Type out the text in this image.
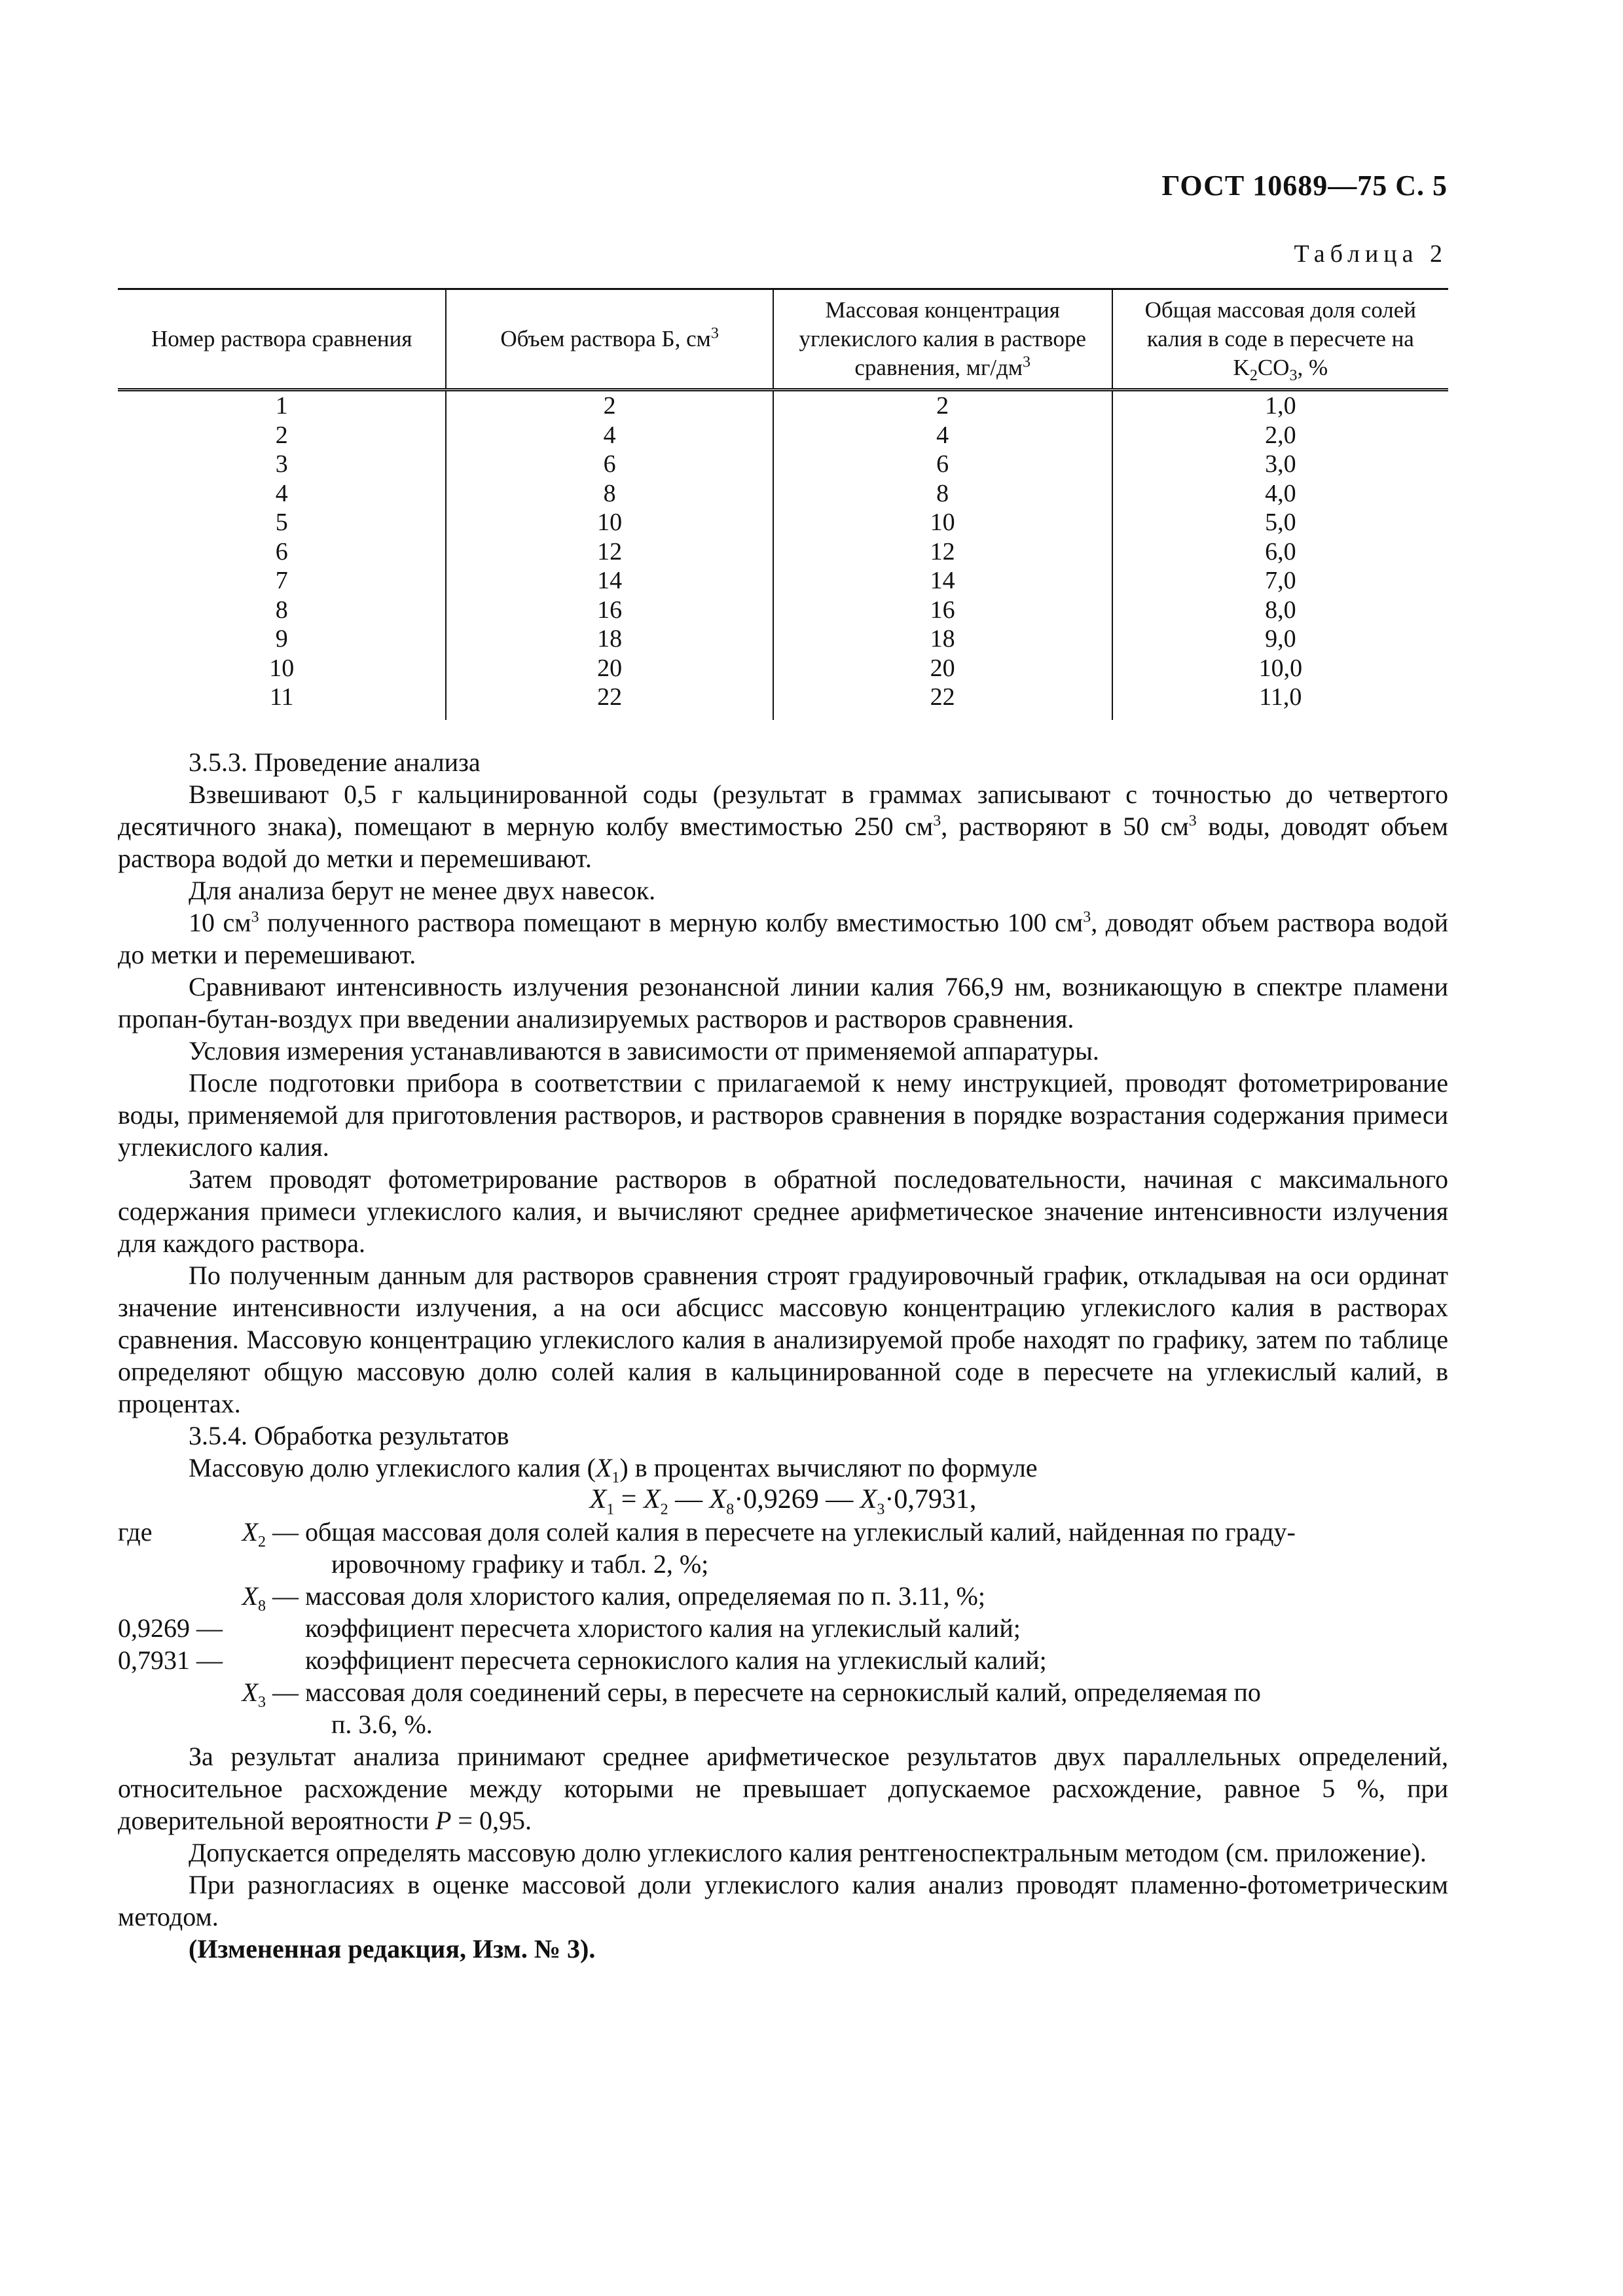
ГОСТ 10689—75 С. 5
Таблица 2
Номер раствора сравнения	Объем раствора Б, $см^3$	Массовая концентрация углекислого калия в растворе сравнения, $мг/дм^3$	Общая массовая доля солей калия в соде в пересчете на $K_2CO_3$, %
1	2	2	1,0
2	4	4	2,0
3	6	6	3,0
4	8	8	4,0
5	10	10	5,0
6	12	12	6,0
7	14	14	7,0
8	16	16	8,0
9	18	18	9,0
10	20	20	10,0
11	22	22	11,0

3.5.3. Проведение анализа

Взвешивают 0,5 г кальцинированной соды (результат в граммах записывают с точностью до четвертого десятичного знака), помещают в мерную колбу вместимостью 250 $см^3$, растворяют в 50 $см^3$ воды, доводят объем раствора водой до метки и перемешивают.

Для анализа берут не менее двух навесок.

10 $см^3$ полученного раствора помещают в мерную колбу вместимостью 100 $см^3$, доводят объем раствора водой до метки и перемешивают.

Сравнивают интенсивность излучения резонансной линии калия 766,9 нм, возникающую в спектре пламени пропан-бутан-воздух при введении анализируемых растворов и растворов сравнения.

Условия измерения устанавливаются в зависимости от применяемой аппаратуры.

После подготовки прибора в соответствии с прилагаемой к нему инструкцией, проводят фотометрирование воды, применяемой для приготовления растворов, и растворов сравнения в порядке возрастания содержания примеси углекислого калия.

Затем проводят фотометрирование растворов в обратной последовательности, начиная с максимального содержания примеси углекислого калия, и вычисляют среднее арифметическое значение интенсивности излучения для каждого раствора.

По полученным данным для растворов сравнения строят градуировочный график, откладывая на оси ординат значение интенсивности излучения, а на оси абсцисс массовую концентрацию углекислого калия в растворах сравнения. Массовую концентрацию углекислого калия в анализируемой пробе находят по графику, затем по таблице определяют общую массовую долю солей калия в кальцинированной соде в пересчете на углекислый калий, в процентах.

3.5.4. Обработка результатов

Массовую долю углекислого калия $(X_1)$ в процентах вычисляют по формуле

$X_1 = X_2$ — $X_8\cdot 0,9269$ — $X_3\cdot 0,7931$,

где	$X_2$ — общая массовая доля солей калия в пересчете на углекислый калий, найденная по граду-
ировочному графику и табл. 2, %;
$X_8$ — массовая доля хлористого калия, определяемая по п. 3.11, %;
0,9269 —	коэффициент пересчета хлористого калия на углекислый калий;
0,7931 —	коэффициент пересчета сернокислого калия на углекислый калий;
$X_3$ — массовая доля соединений серы, в пересчете на сернокислый калий, определяемая по
п. 3.6, %.

За результат анализа принимают среднее арифметическое результатов двух параллельных определений, относительное расхождение между которыми не превышает допускаемое расхождение, равное 5 %, при доверительной вероятности P = 0,95.

Допускается определять массовую долю углекислого калия рентгеноспектральным методом (см. приложение).

При разногласиях в оценке массовой доли углекислого калия анализ проводят пламенно-фотометрическим методом.

(Измененная редакция, Изм. № 3).
